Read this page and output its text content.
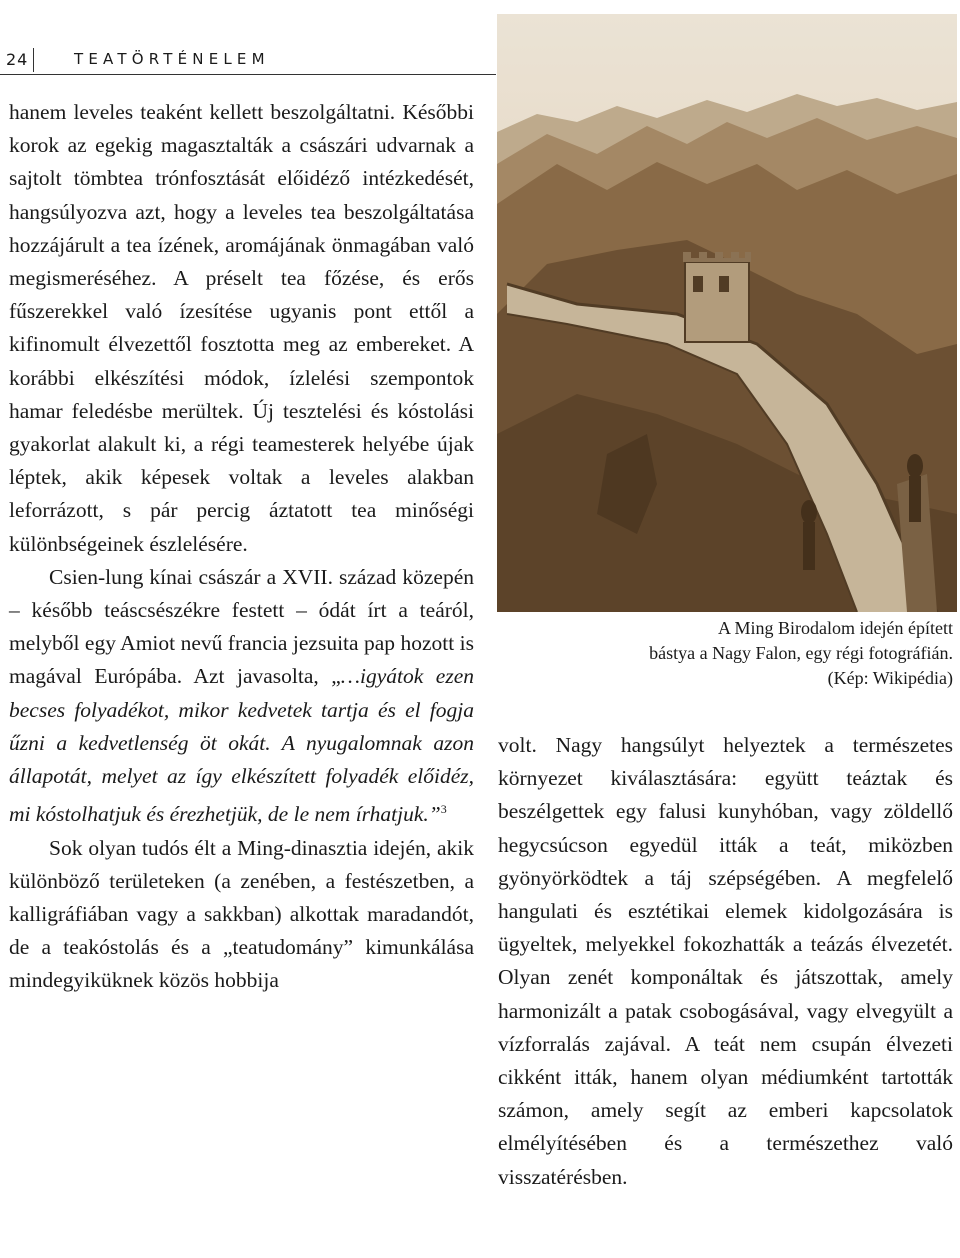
24	TEATÖRTÉNELEM

hanem leveles teaként kellett beszolgáltatni. Későbbi korok az egekig magasztalták a császári udvarnak a sajtolt tömbtea trónfosztását előidéző intézkedését, hangsúlyozva azt, hogy a leveles tea beszolgáltatása hozzájárult a tea ízének, aromájának önmagában való megismeréséhez. A préselt tea főzése, és erős fűszerekkel való ízesítése ugyanis pont ettől a kifinomult élvezettől fosztotta meg az embereket. A korábbi elkészítési módok, ízlelési szempontok hamar feledésbe merültek. Új tesztelési és kóstolási gyakorlat alakult ki, a régi teamesterek helyébe újak léptek, akik képesek voltak a leveles alakban leforrázott, s pár percig áztatott tea minőségi különbségeinek észlelésére.

Csien-lung kínai császár a XVII. század közepén – később teáscsészékre festett – ódát írt a teáról, melyből egy Amiot nevű francia jezsuita pap hozott is magával Európába. Azt javasolta, „…igyátok ezen becses folyadékot, mikor kedvetek tartja és el fogja űzni a kedvetlenség öt okát. A nyugalomnak azon állapotát, melyet az így elkészített folyadék előidéz, mi kóstolhatjuk és érezhetjük, de le nem írhatjuk.”$^3$

Sok olyan tudós élt a Ming-dinasztia idején, akik különböző területeken (a zenében, a festészetben, a kalligráfiában vagy a sakkban) alkottak maradandót, de a teakóstolás és a „teatudomány” kimunkálása mindegyiküknek közös hobbija

A Ming Birodalom idején épített
bástya a Nagy Falon, egy régi fotográfián.
(Kép: Wikipédia)

volt. Nagy hangsúlyt helyeztek a természetes környezet kiválasztására: együtt teáztak és beszélgettek egy falusi kunyhóban, vagy zöldellő hegycsúcson egyedül itták a teát, miközben gyönyörködtek a táj szépségében. A megfelelő hangulati és esztétikai elemek kidolgozására is ügyeltek, melyekkel fokozhatták a teázás élvezetét. Olyan zenét komponáltak és játszottak, amely harmonizált a patak csobogásával, vagy elvegyült a vízforralás zajával. A teát nem csupán élvezeti cikként itták, hanem olyan médiumként tartották számon, amely segít az emberi kapcsolatok elmélyítésében és a természethez való visszatérésben.
